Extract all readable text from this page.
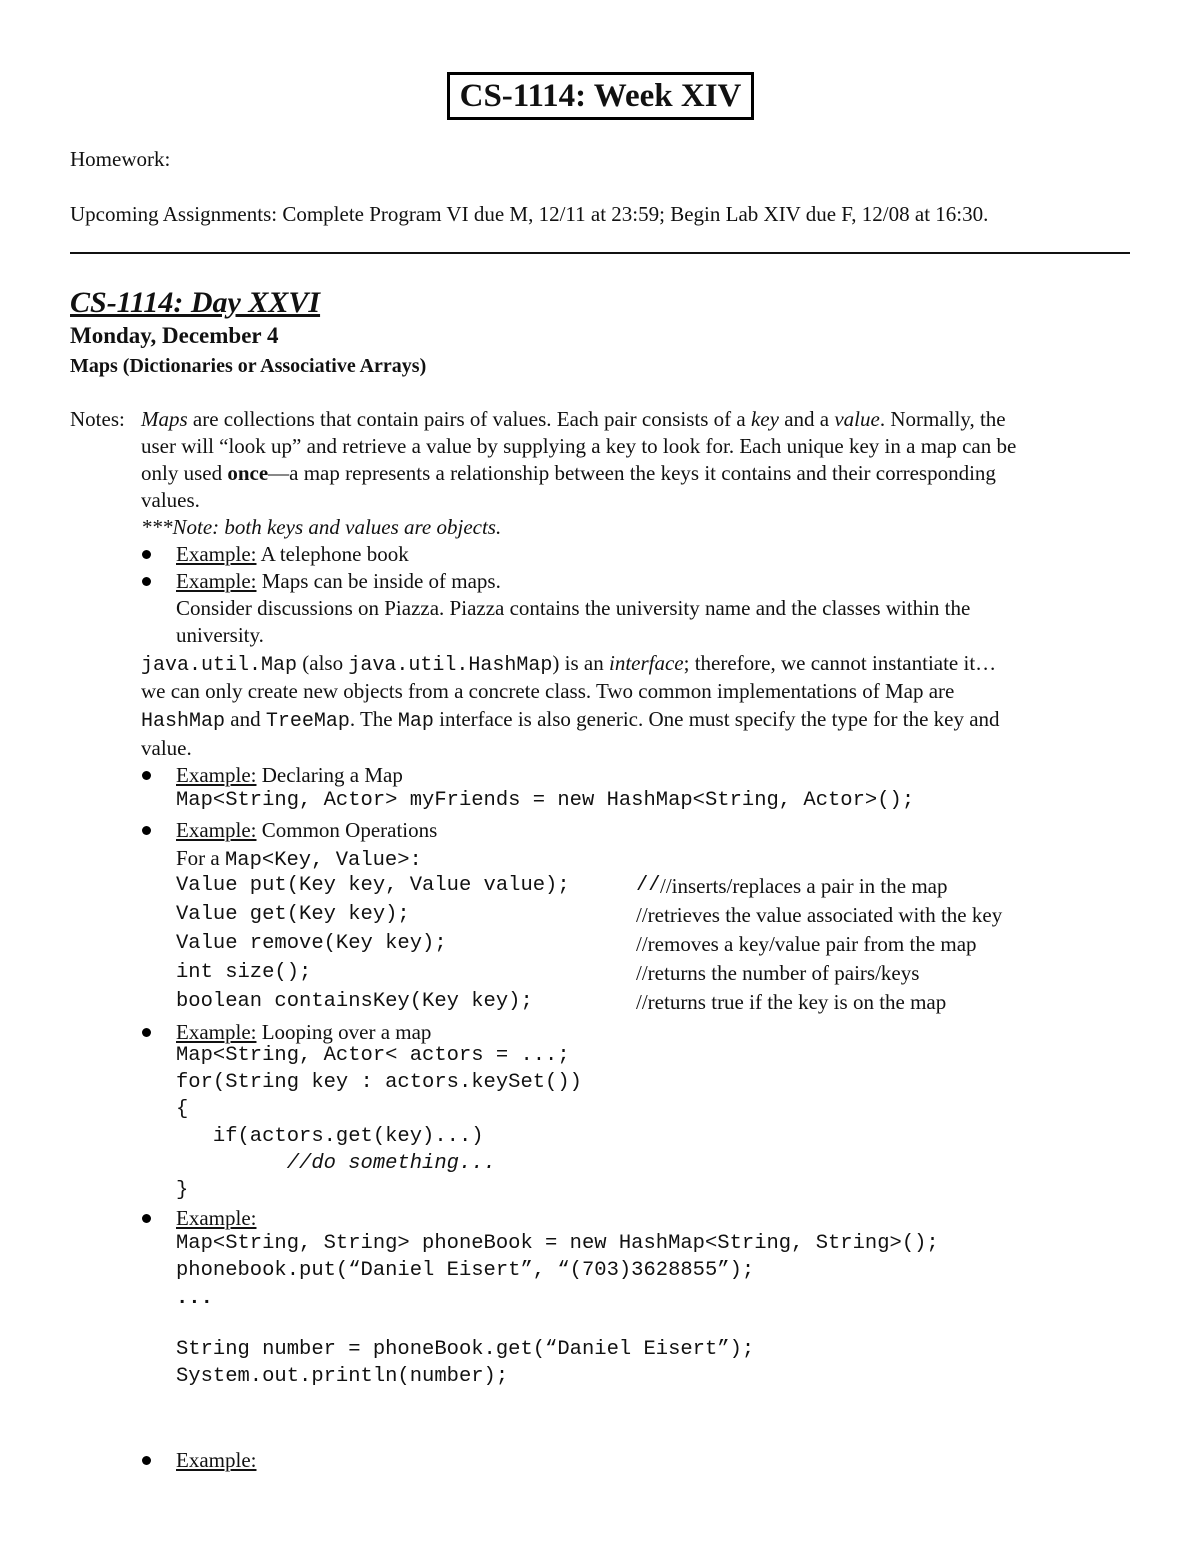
CS-1114: Week XIV
Homework:
Upcoming Assignments: Complete Program VI due M, 12/11 at 23:59; Begin Lab XIV due F, 12/08 at 16:30.
CS-1114: Day XXVI
Monday, December 4
Maps (Dictionaries or Associative Arrays)
Notes: Maps are collections that contain pairs of values. Each pair consists of a key and a value. Normally, the
user will “look up” and retrieve a value by supplying a key to look for. Each unique key in a map can be
only used once—a map represents a relationship between the keys it contains and their corresponding
values.
***Note: both keys and values are objects.
Example: A telephone book
Example: Maps can be inside of maps.
Consider discussions on Piazza. Piazza contains the university name and the classes within the
university.
java.util.Map (also java.util.HashMap) is an interface; therefore, we cannot instantiate it…
we can only create new objects from a concrete class. Two common implementations of Map are
HashMap and TreeMap. The Map interface is also generic. One must specify the type for the key and
value.
Example: Declaring a Map
Map<String, Actor> myFriends = new HashMap<String, Actor>();
Example: Common Operations
For a Map<Key, Value>:
Value put(Key key, Value value);	// //inserts/replaces a pair in the map
Value get(Key key);	//retrieves the value associated with the key
Value remove(Key key);	//removes a key/value pair from the map
int size();	//returns the number of pairs/keys
boolean containsKey(Key key);	//returns true if the key is on the map
Example: Looping over a map
Map<String, Actor< actors = ...;
for(String key : actors.keySet())
{
if(actors.get(key)...)
//do something...
}
Example:
Map<String, String> phoneBook = new HashMap<String, String>();
phonebook.put(“Daniel Eisert”, “(703)3628855”);
...
String number = phoneBook.get(“Daniel Eisert”);
System.out.println(number);
Example:
